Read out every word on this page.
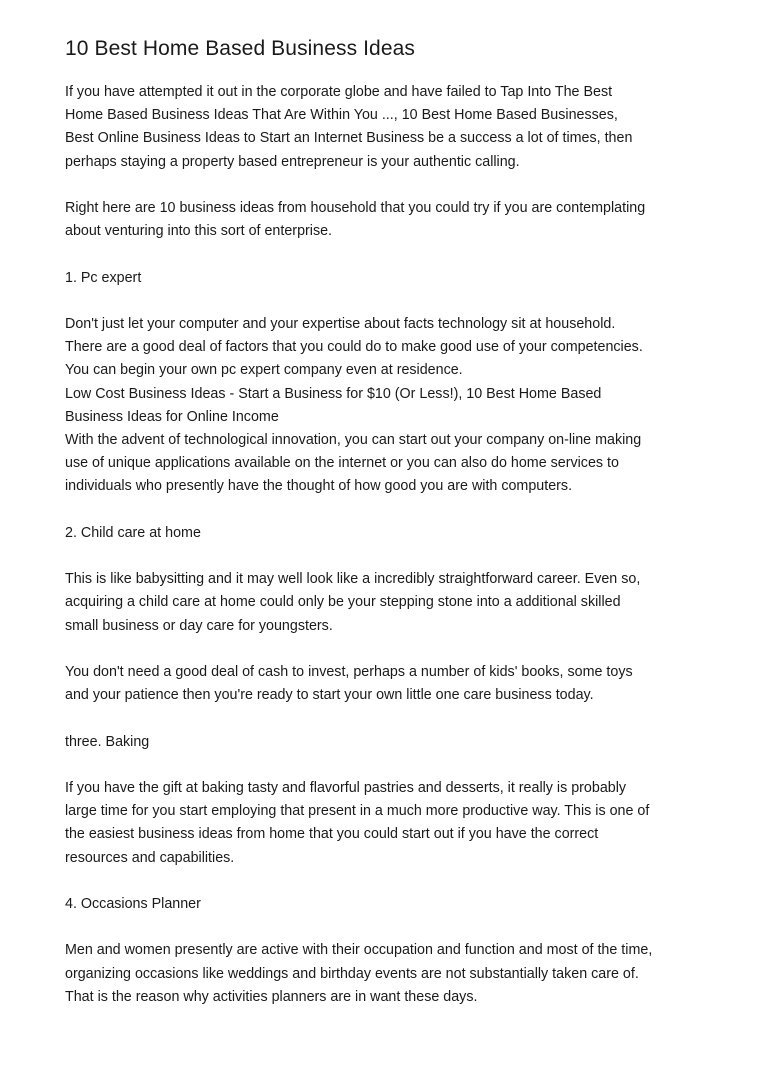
10 Best Home Based Business Ideas
If you have attempted it out in the corporate globe and have failed to Tap Into The Best
Home Based Business Ideas That Are Within You ..., 10 Best Home Based Businesses,
Best Online Business Ideas to Start an Internet Business be a success a lot of times, then
perhaps staying a property based entrepreneur is your authentic calling.
Right here are 10 business ideas from household that you could try if you are contemplating
about venturing into this sort of enterprise.
1. Pc expert
Don't just let your computer and your expertise about facts technology sit at household.
There are a good deal of factors that you could do to make good use of your competencies.
You can begin your own pc expert company even at residence.
Low Cost Business Ideas - Start a Business for $10 (Or Less!), 10 Best Home Based
Business Ideas for Online Income
With the advent of technological innovation, you can start out your company on-line making
use of unique applications available on the internet or you can also do home services to
individuals who presently have the thought of how good you are with computers.
2. Child care at home
This is like babysitting and it may well look like a incredibly straightforward career. Even so,
acquiring a child care at home could only be your stepping stone into a additional skilled
small business or day care for youngsters.
You don't need a good deal of cash to invest, perhaps a number of kids' books, some toys
and your patience then you're ready to start your own little one care business today.
three. Baking
If you have the gift at baking tasty and flavorful pastries and desserts, it really is probably
large time for you start employing that present in a much more productive way. This is one of
the easiest business ideas from home that you could start out if you have the correct
resources and capabilities.
4. Occasions Planner
Men and women presently are active with their occupation and function and most of the time,
organizing occasions like weddings and birthday events are not substantially taken care of.
That is the reason why activities planners are in want these days.
